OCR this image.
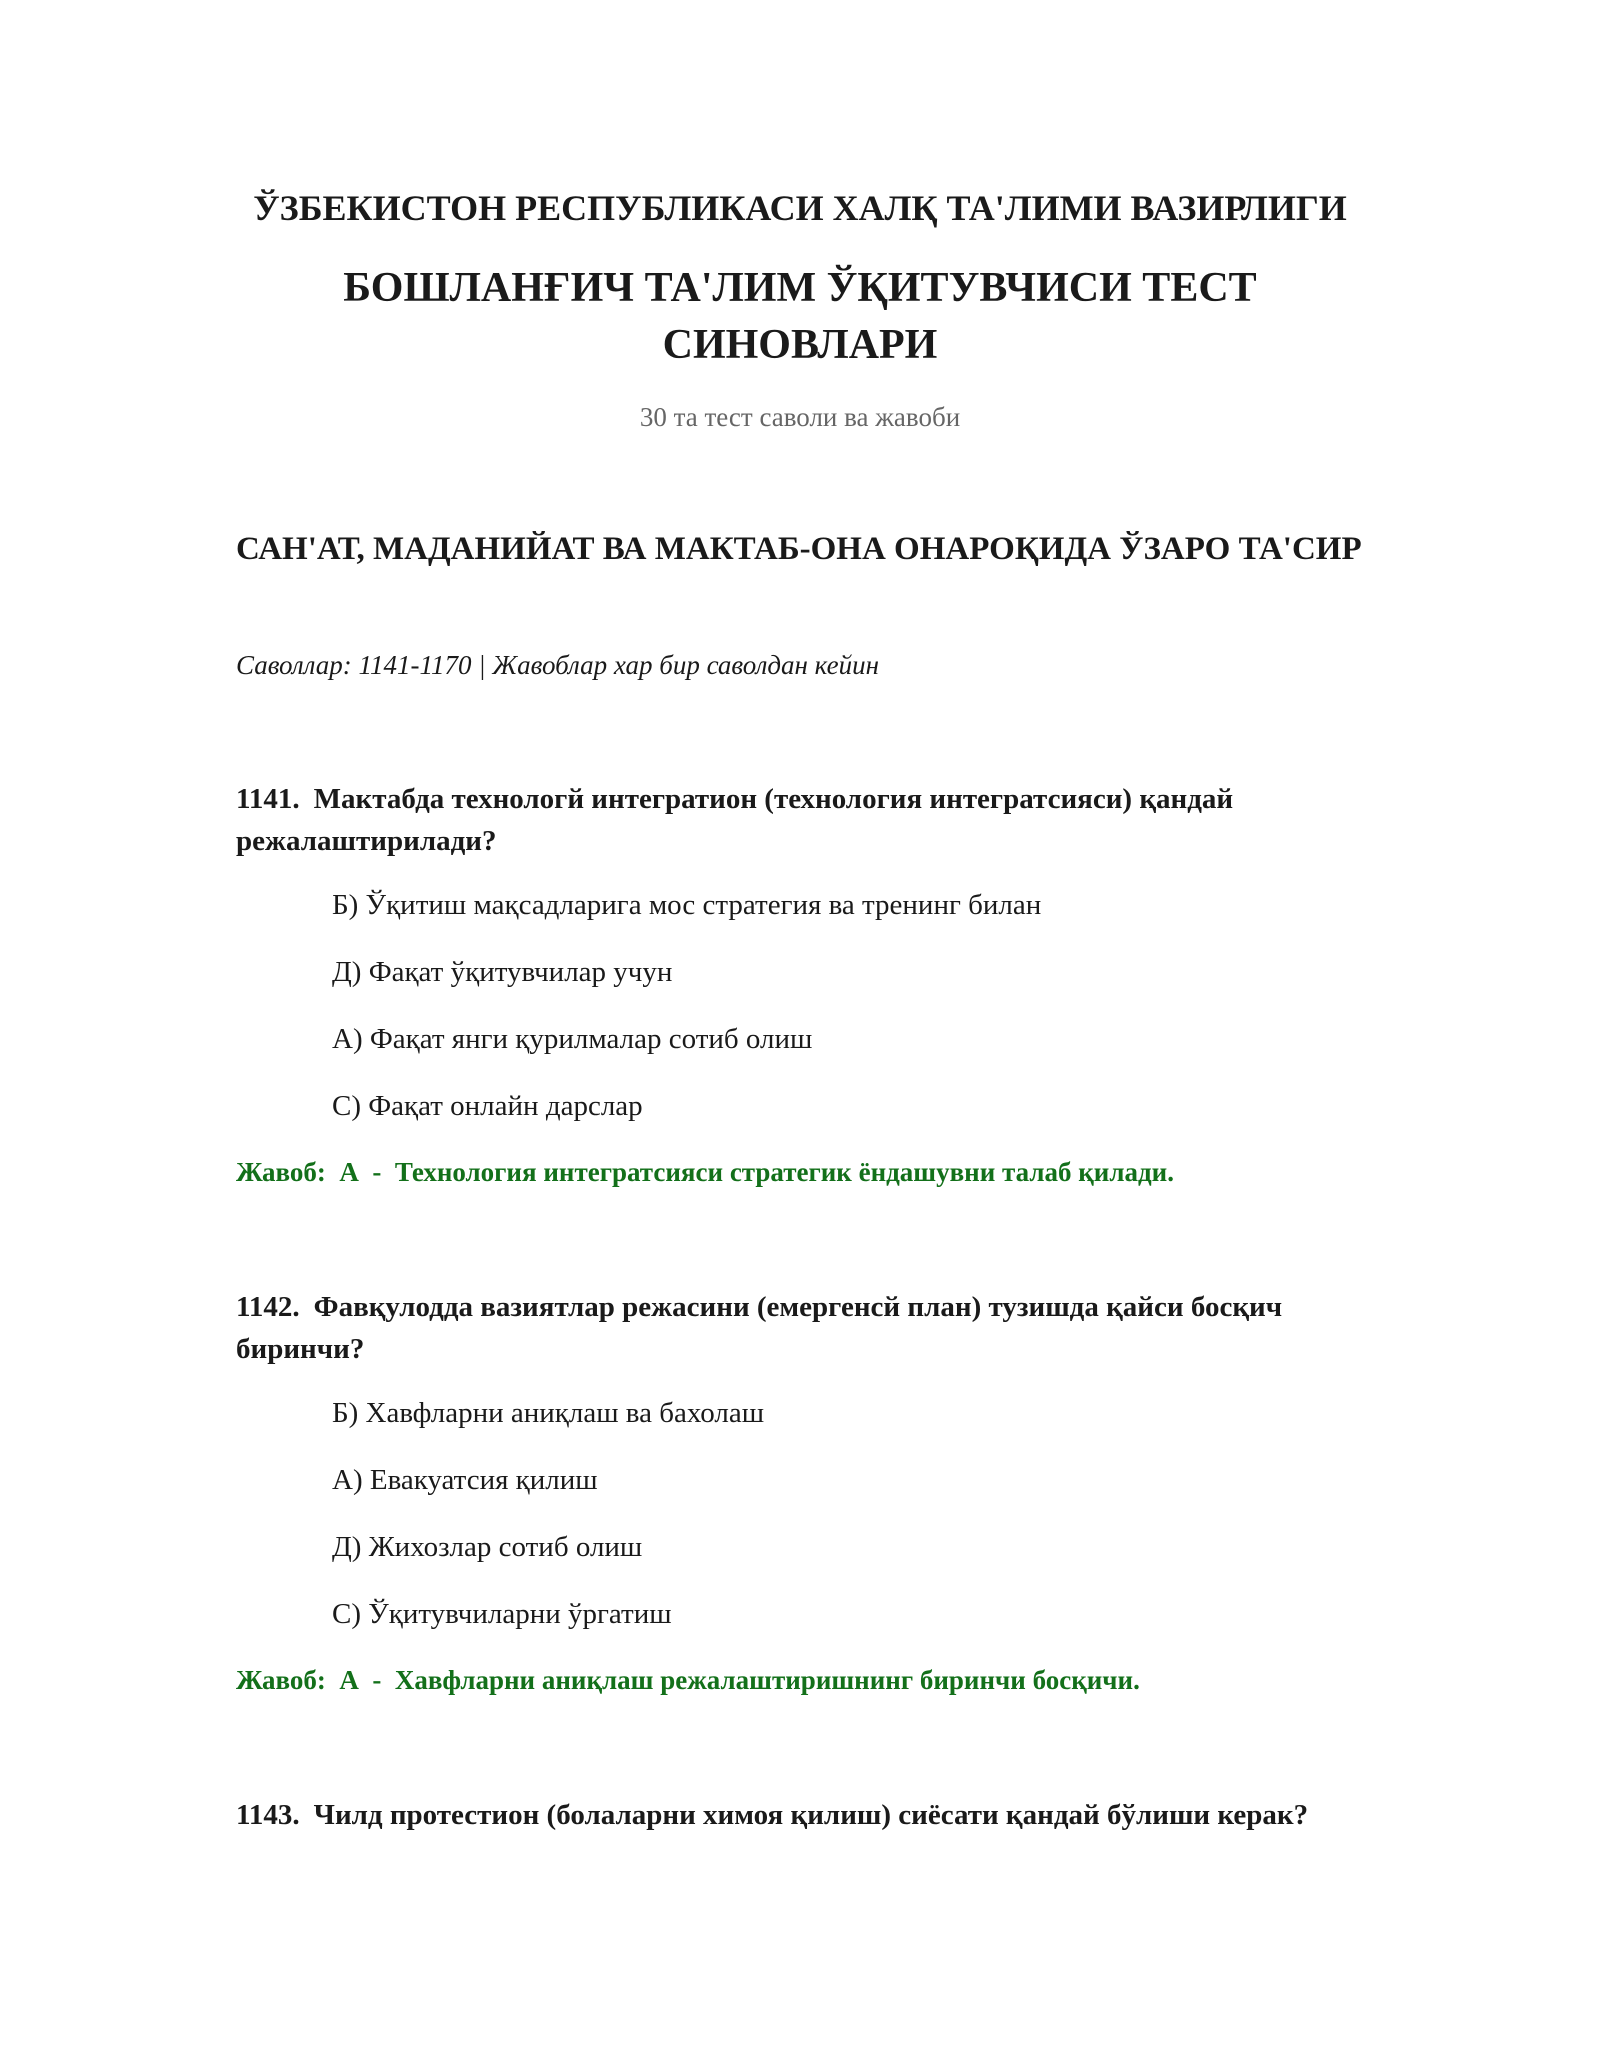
ЎЗБЕКИСТОН РЕСПУБЛИКАСИ ХАЛҚ ТА'ЛИМИ ВАЗИРЛИГИ
БОШЛАНҒИЧ ТА'ЛИМ ЎҚИТУВЧИСИ ТЕСТ СИНОВЛАРИ
30 та тест саволи ва жавоби
САН'АТ, МАДАНИЙАТ ВА МАКТАБ-ОНА ОНАРОҚИДА ЎЗАРО ТА'СИР
Саволлар: 1141-1170 | Жавоблар хар бир саволдан кейин
1141. Мактабда технологй интегратион (технология интегратсияси) қандай режалаштирилади?
Б) Ўқитиш мақсадларига мос стратегия ва тренинг билан
Д) Фақат ўқитувчилар учун
А) Фақат янги қурилмалар сотиб олиш
С) Фақат онлайн дарслар
Жавоб:  А  -  Технология интегратсияси стратегик ёндашувни талаб қилади.
1142. Фавқулодда вазиятлар режасини (емергенсй план) тузишда қайси босқич биринчи?
Б) Хавфларни аниқлаш ва бахолаш
А) Евакуатсия қилиш
Д) Жихозлар сотиб олиш
С) Ўқитувчиларни ўргатиш
Жавоб:  А  -  Хавфларни аниқлаш режалаштиришнинг биринчи босқичи.
1143. Чилд протестион (болаларни химоя қилиш) сиёсати қандай бўлиши керак?
